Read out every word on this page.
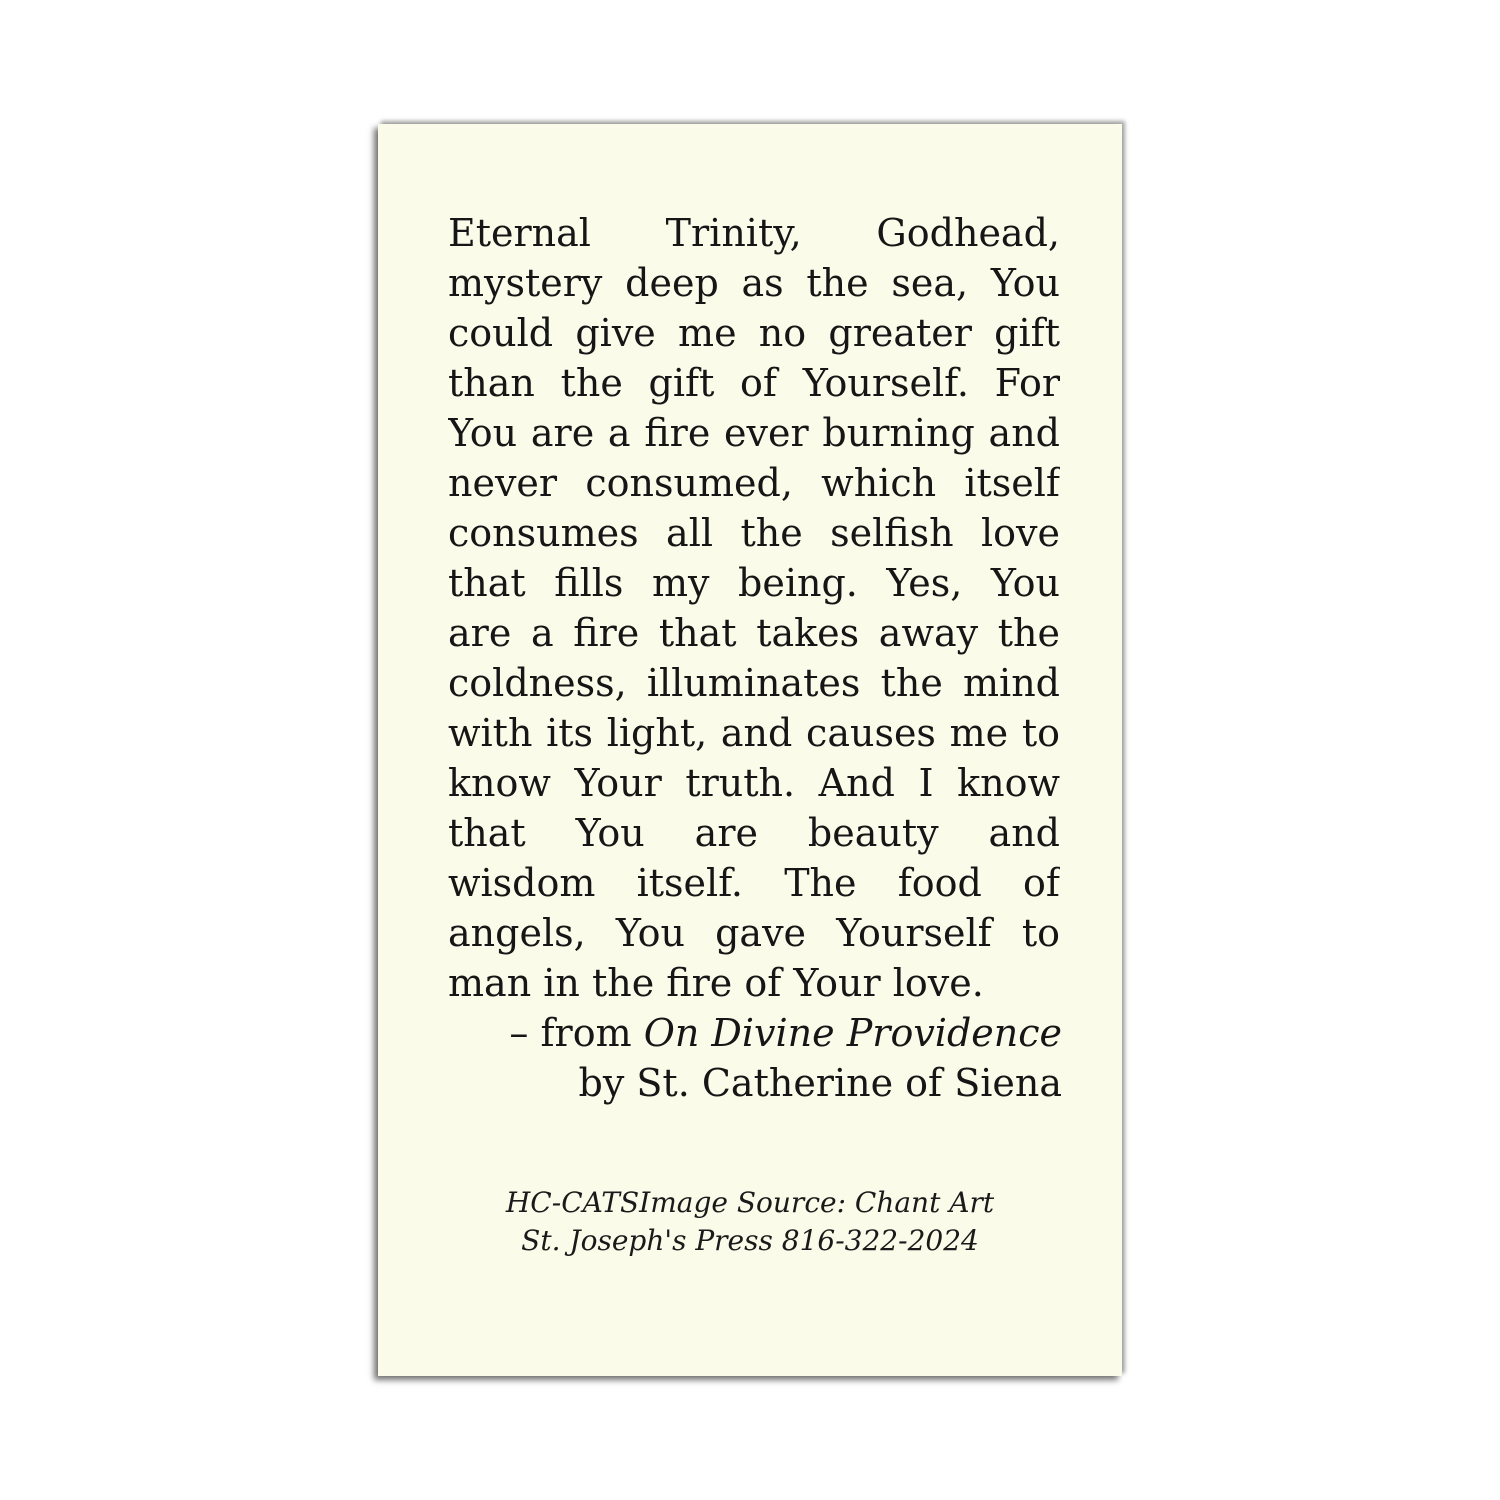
Eternal Trinity, Godhead,
mystery deep as the sea, You
could give me no greater gift
than the gift of Yourself. For
You are a fire ever burning and
never consumed, which itself
consumes all the selfish love
that fills my being. Yes, You
are a fire that takes away the
coldness, illuminates the mind
with its light, and causes me to
know Your truth. And I know
that You are beauty and
wisdom itself. The food of
angels, You gave Yourself to
man in the fire of Your love.
– from On Divine Providence
by St. Catherine of Siena
HC-CATSImage Source: Chant Art
St. Joseph's Press 816-322-2024
